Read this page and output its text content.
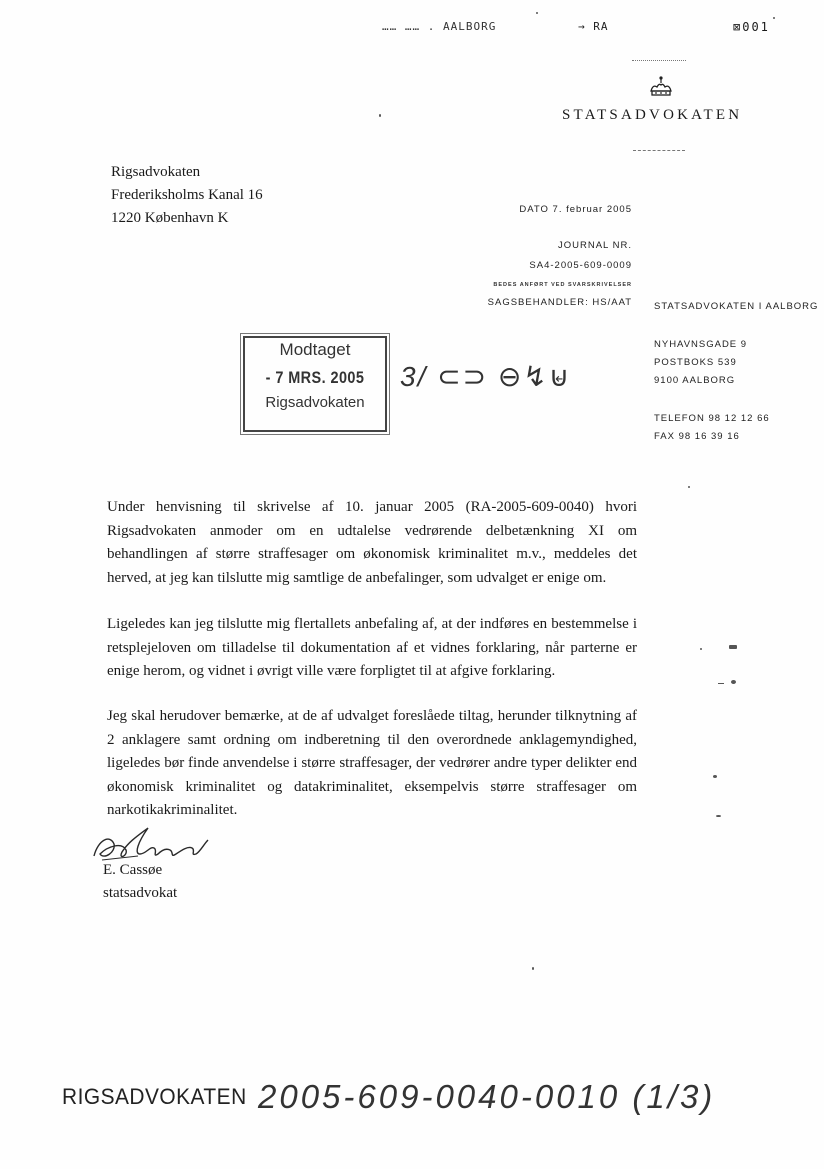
…… …… . AALBORG	→ RA	⊠001
STATSADVOKATEN
Rigsadvokaten
Frederiksholms Kanal 16
1220 København K
DATO 7. februar 2005
JOURNAL NR.
SA4-2005-609-0009
BEDES ANFØRT VED SVARSKRIVELSER
SAGSBEHANDLER: HS/AAT STATSADVOKATEN I AALBORG
NYHAVNSGADE 9
POSTBOKS 539
9100 AALBORG
TELEFON 98 12 12 66
FAX 98 16 39 16
Modtaget
- 7 MRS. 2005
Rigsadvokaten
3/ ⊂⊃ ⊖↯⊌
Under henvisning til skrivelse af 10. januar 2005 (RA-2005-609-0040) hvori Rigsadvokaten anmoder om en udtalelse vedrørende delbetænkning XI om behandlingen af større straffesager om økonomisk kriminalitet m.v., meddeles det herved, at jeg kan tilslutte mig samtlige de anbefalinger, som udvalget er enige om.
Ligeledes kan jeg tilslutte mig flertallets anbefaling af, at der indføres en bestemmelse i retsplejeloven om tilladelse til dokumentation af et vidnes forklaring, når parterne er enige herom, og vidnet i øvrigt ville være forpligtet til at afgive forklaring.
Jeg skal herudover bemærke, at de af udvalget foreslåede tiltag, herunder tilknytning af 2 anklagere samt ordning om indberetning til den overordnede anklagemyndighed, ligeledes bør finde anvendelse i større straffesager, der vedrører andre typer delikter end økonomisk kriminalitet og datakriminalitet, eksempelvis større straffesager om narkotikakriminalitet.
E. Cassøe
statsadvokat
RIGSADVOKATEN 2005-609-0040-0010 (1/3)
